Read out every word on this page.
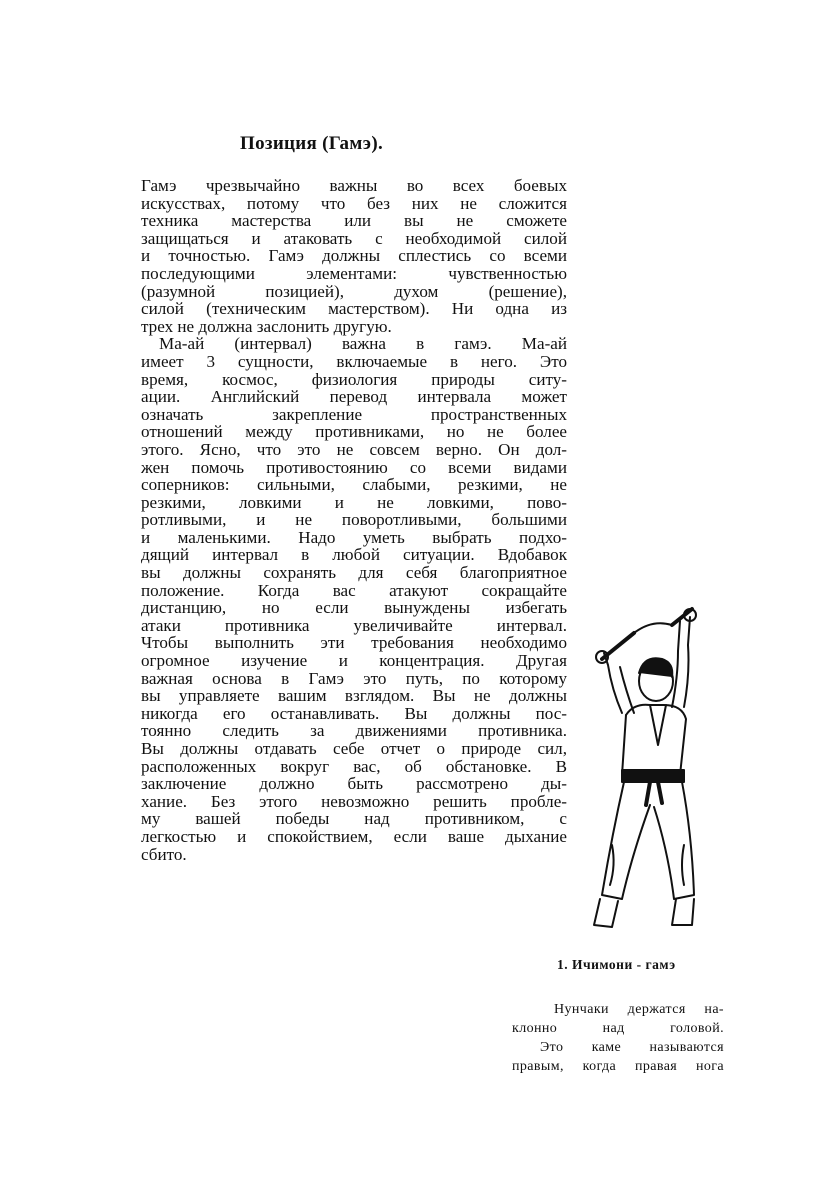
Позиция (Гамэ).
Гамэ чрезвычайно важны во всех боевых
искусствах, потому что без них не сложится
техника мастерства или вы не сможете
защищаться и атаковать с необходимой силой
и точностью. Гамэ должны сплестись со всеми
последующими элементами: чувственностью
(разумной позицией), духом (решение),
силой (техническим мастерством). Ни одна из
трех не должна заслонить другую.
Ма-ай (интервал) важна в гамэ. Ма-ай
имеет 3 сущности, включаемые в него. Это
время, космос, физиология природы ситу-
ации. Английский перевод интервала может
означать закрепление пространственных
отношений между противниками, но не более
этого. Ясно, что это не совсем верно. Он дол-
жен помочь противостоянию со всеми видами
соперников: сильными, слабыми, резкими, не
резкими, ловкими и не ловкими, пово-
ротливыми, и не поворотливыми, большими
и маленькими. Надо уметь выбрать подхо-
дящий интервал в любой ситуации. Вдобавок
вы должны сохранять для себя благоприятное
положение. Когда вас атакуют сокращайте
дистанцию, но если вынуждены избегать
атаки противника увеличивайте интервал.
Чтобы выполнить эти требования необходимо
огромное изучение и концентрация. Другая
важная основа в Гамэ это путь, по которому
вы управляете вашим взглядом. Вы не должны
никогда его останавливать. Вы должны пос-
тоянно следить за движениями противника.
Вы должны отдавать себе отчет о природе сил,
расположенных вокруг вас, об обстановке. В
заключение должно быть рассмотрено ды-
хание. Без этого невозможно решить пробле-
му вашей победы над противником, с
легкостью и спокойствием, если ваше дыхание
сбито.
1. Ичимони - гамэ
Нунчаки держатся на-
клонно над головой.
Это каме называются
правым, когда правая нога
